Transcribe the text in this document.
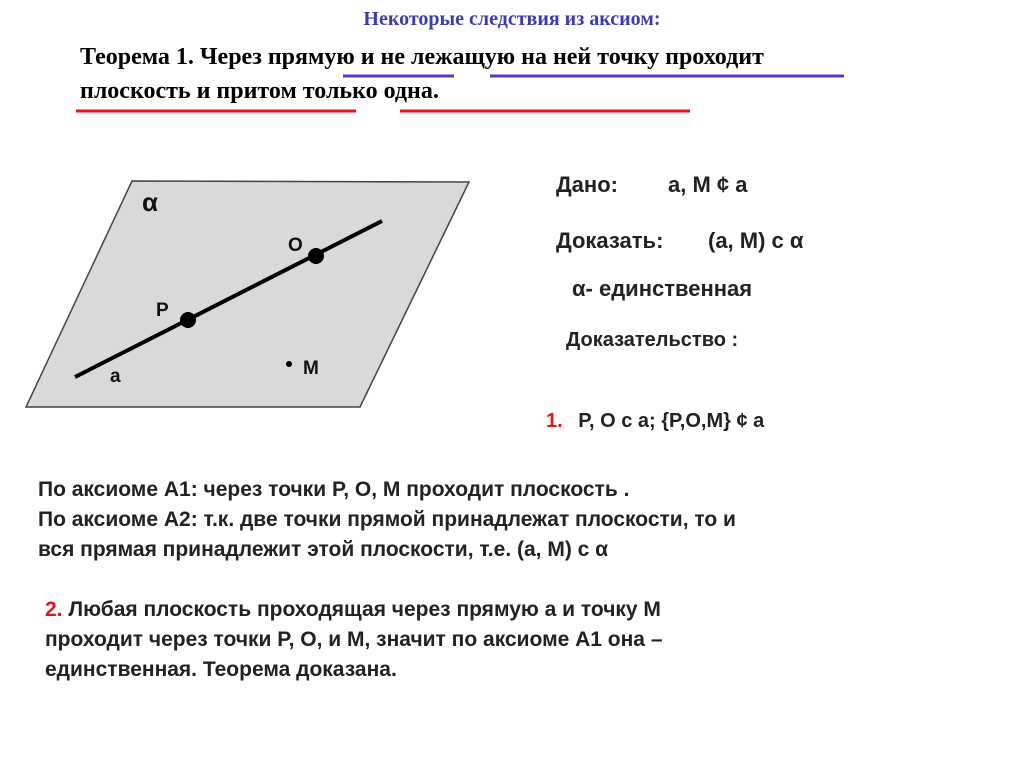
Некоторые следствия из аксиом:
Теорема 1. Через прямую и не лежащую на ней точку проходит
плоскость и притом только одна.
α
O
P
M
a
Дано: a, M ¢ a
Доказать: (a, M) c α
α- единственная
Доказательство :
1. P, O c a; {P,O,M} ¢ a
По аксиоме А1: через точки P, O, M проходит плоскость .
По аксиоме А2: т.к. две точки прямой принадлежат плоскости, то и
вся прямая принадлежит этой плоскости, т.е. (a, M) c α
2. Любая плоскость проходящая через прямую а и точку М
проходит через точки P, O, и M, значит по аксиоме А1 она –
единственная. Теорема доказана.
